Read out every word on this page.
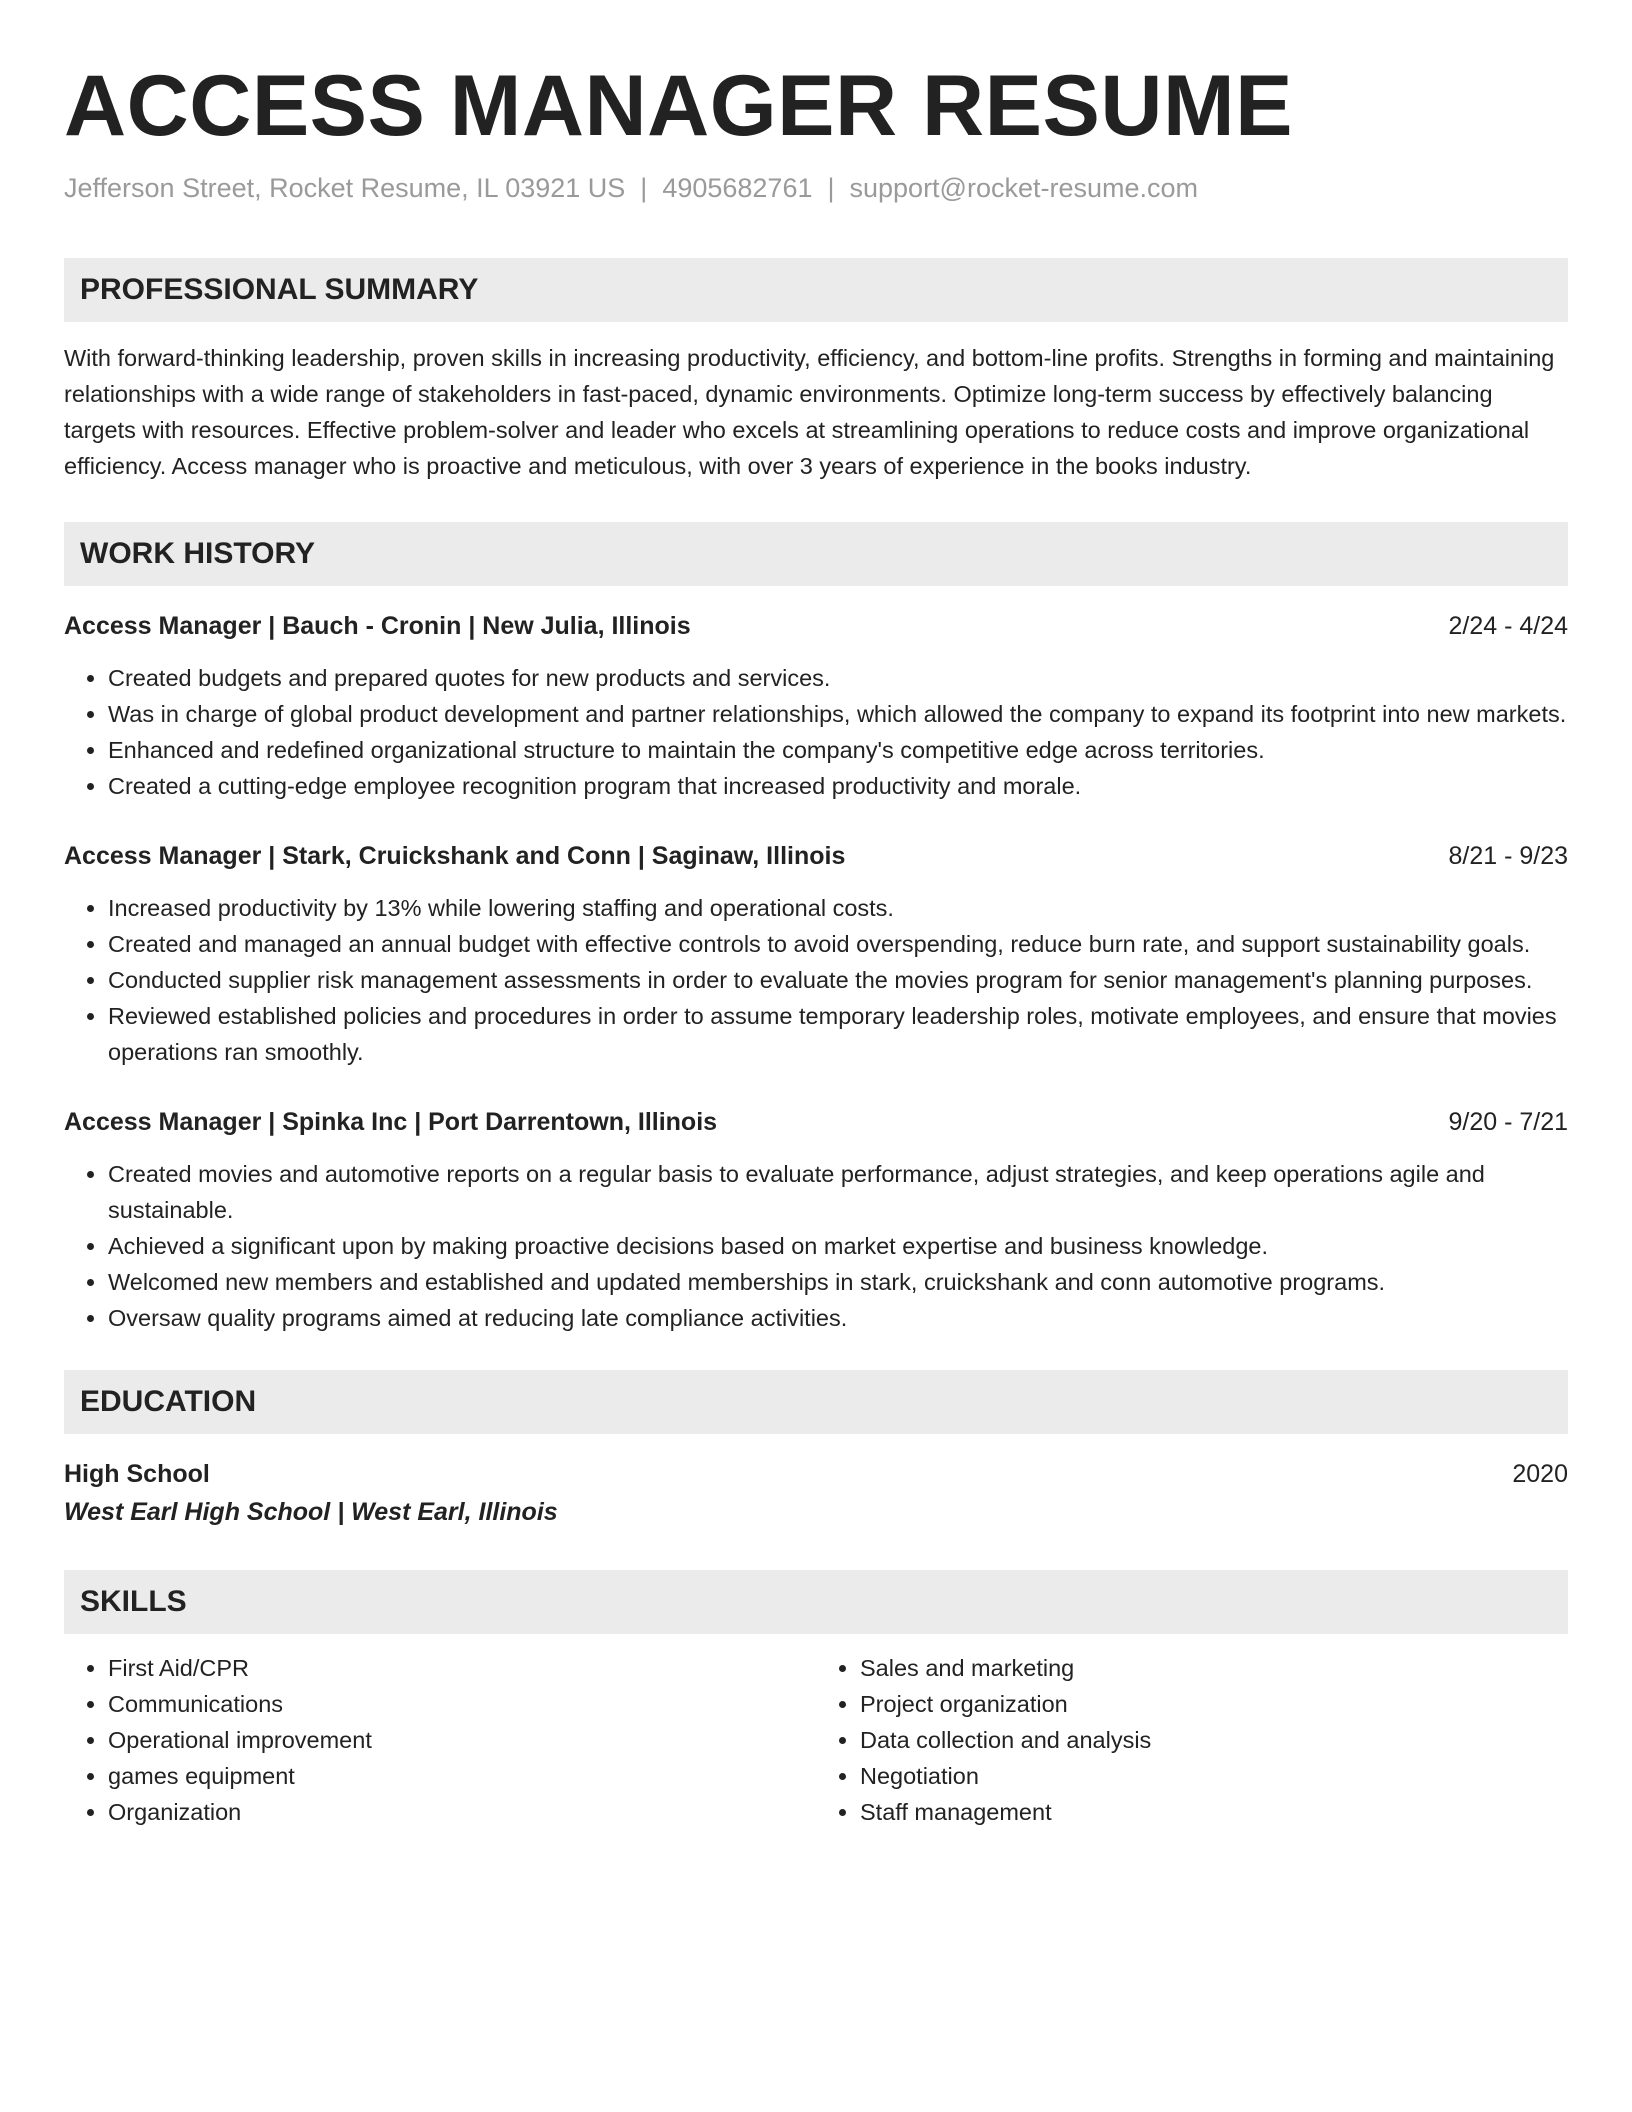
ACCESS MANAGER RESUME
Jefferson Street, Rocket Resume, IL 03921 US | 4905682761 | support@rocket-resume.com
PROFESSIONAL SUMMARY
With forward-thinking leadership, proven skills in increasing productivity, efficiency, and bottom-line profits. Strengths in forming and maintaining relationships with a wide range of stakeholders in fast-paced, dynamic environments. Optimize long-term success by effectively balancing targets with resources. Effective problem-solver and leader who excels at streamlining operations to reduce costs and improve organizational efficiency. Access manager who is proactive and meticulous, with over 3 years of experience in the books industry.
WORK HISTORY
Access Manager | Bauch - Cronin | New Julia, Illinois	2/24 - 4/24
• Created budgets and prepared quotes for new products and services.
• Was in charge of global product development and partner relationships, which allowed the company to expand its footprint into new markets.
• Enhanced and redefined organizational structure to maintain the company's competitive edge across territories.
• Created a cutting-edge employee recognition program that increased productivity and morale.
Access Manager | Stark, Cruickshank and Conn | Saginaw, Illinois	8/21 - 9/23
• Increased productivity by 13% while lowering staffing and operational costs.
• Created and managed an annual budget with effective controls to avoid overspending, reduce burn rate, and support sustainability goals.
• Conducted supplier risk management assessments in order to evaluate the movies program for senior management's planning purposes.
• Reviewed established policies and procedures in order to assume temporary leadership roles, motivate employees, and ensure that movies operations ran smoothly.
Access Manager | Spinka Inc | Port Darrentown, Illinois	9/20 - 7/21
• Created movies and automotive reports on a regular basis to evaluate performance, adjust strategies, and keep operations agile and sustainable.
• Achieved a significant upon by making proactive decisions based on market expertise and business knowledge.
• Welcomed new members and established and updated memberships in stark, cruickshank and conn automotive programs.
• Oversaw quality programs aimed at reducing late compliance activities.
EDUCATION
High School	2020
West Earl High School | West Earl, Illinois
SKILLS
• First Aid/CPR
• Communications
• Operational improvement
• games equipment
• Organization
• Sales and marketing
• Project organization
• Data collection and analysis
• Negotiation
• Staff management
